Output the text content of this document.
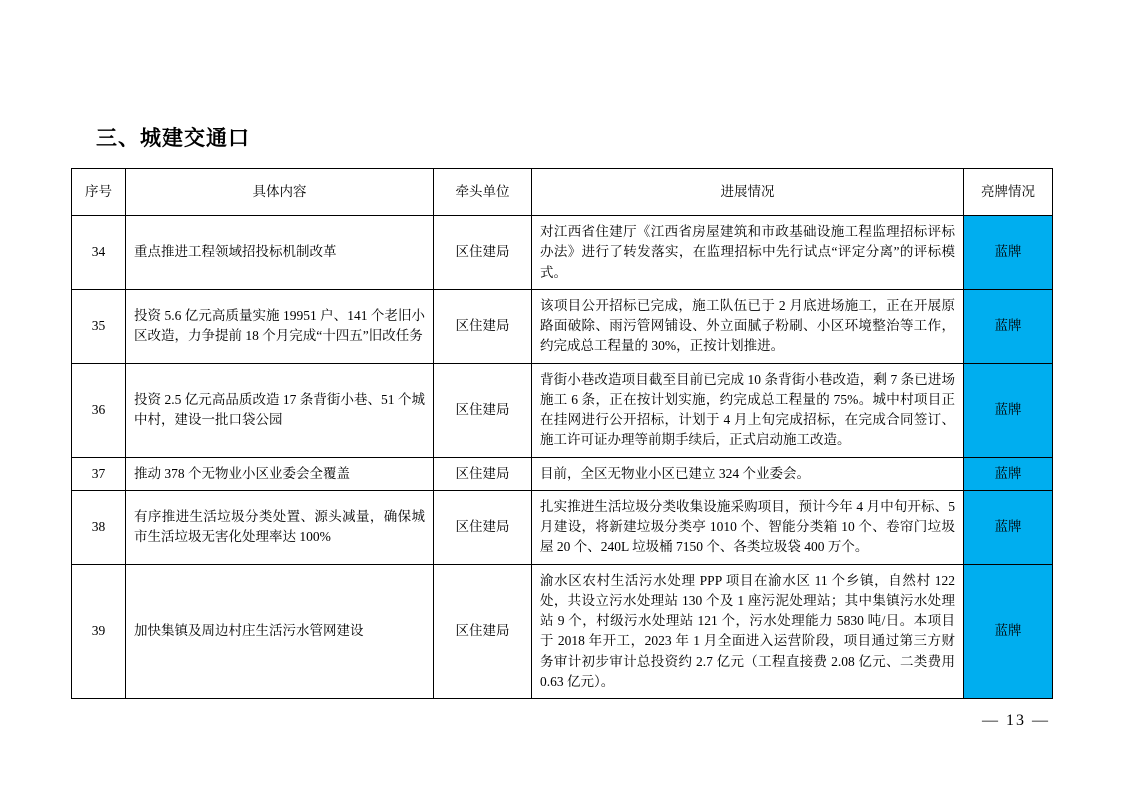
三、城建交通口
序号	具体内容	牵头单位	进展情况	亮牌情况
34	重点推进工程领域招投标机制改革	区住建局	对江西省住建厅《江西省房屋建筑和市政基础设施工程监理招标评标办法》进行了转发落实，在监理招标中先行试点“评定分离”的评标模式。	蓝牌
35	投资 5.6 亿元高质量实施 19951 户、141 个老旧小区改造，力争提前 18 个月完成“十四五”旧改任务	区住建局	该项目公开招标已完成，施工队伍已于 2 月底进场施工，正在开展原路面破除、雨污管网铺设、外立面腻子粉刷、小区环境整治等工作，约完成总工程量的 30%，正按计划推进。	蓝牌
36	投资 2.5 亿元高品质改造 17 条背街小巷、51 个城中村，建设一批口袋公园	区住建局	背街小巷改造项目截至目前已完成 10 条背街小巷改造，剩 7 条已进场施工 6 条，正在按计划实施，约完成总工程量的 75%。城中村项目正在挂网进行公开招标，计划于 4 月上旬完成招标，在完成合同签订、施工许可证办理等前期手续后，正式启动施工改造。	蓝牌
37	推动 378 个无物业小区业委会全覆盖	区住建局	目前，全区无物业小区已建立 324 个业委会。	蓝牌
38	有序推进生活垃圾分类处置、源头减量，确保城市生活垃圾无害化处理率达 100%	区住建局	扎实推进生活垃圾分类收集设施采购项目，预计今年 4 月中旬开标、5 月建设，将新建垃圾分类亭 1010 个、智能分类箱 10 个、卷帘门垃圾屋 20 个、240L 垃圾桶 7150 个、各类垃圾袋 400 万个。	蓝牌
39	加快集镇及周边村庄生活污水管网建设	区住建局	渝水区农村生活污水处理 PPP 项目在渝水区 11 个乡镇，自然村 122 处，共设立污水处理站 130 个及 1 座污泥处理站；其中集镇污水处理站 9 个，村级污水处理站 121 个，污水处理能力 5830 吨/日。本项目于 2018 年开工，2023 年 1 月全面进入运营阶段，项目通过第三方财务审计初步审计总投资约 2.7 亿元（工程直接费 2.08 亿元、二类费用 0.63 亿元）。	蓝牌
— 13 —
